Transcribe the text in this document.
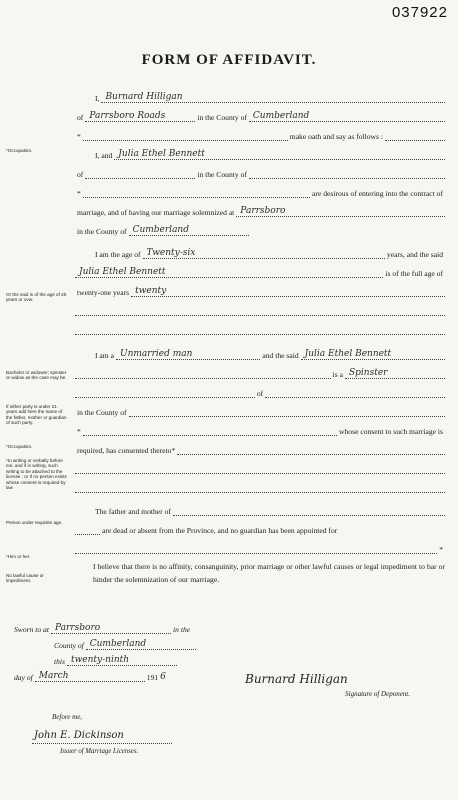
037922
FORM OF AFFIDAVIT.
*Occupation.
Or the said is of the age of 20 years or over.
Bachelor or widower; spinster or widow as the case may be.
If either party is under 21 years add here the name of the father, mother or guardian of such party.
*Occupation.
*In writing or verbally before me, and if in writing, such writing to be attached to the license ; or If no person exists whose consent is required by law
Person under requisite age.
*Him or her.
No lawful cause or impediment.
I, Burnard Hilligan
of Parrsboro Roads	in the County of Cumberland
*	make oath and say as follows :
I, and Julia Ethel Bennett
of	in the County of
*	are desirous of entering into the contract of
marriage, and of having our marriage solemnized at Parrsboro
in the County of Cumberland
I am the age of Twenty-six	years, and the said
Julia Ethel Bennett	is of the full age of
twenty-one years twenty
I am a Unmarried man	and the said Julia Ethel Bennett
is a Spinster
of
in the County of
*	whose consent to such marriage is
required, has consented thereto*
The father and mother of
are dead or absent from the Province, and no guardian has been appointed for
*
I believe that there is no affinity, consanguinity, prior marriage or other lawful causes or legal impediment to bar or hinder the solemnization of our marriage.
Sworn to at Parrsboro	in the
County of Cumberland
this twenty-ninth
day of March	191 6	Burnard Hilligan
Signature of Deponent.
Before me,
John E. Dickinson
Issuer of Marriage Licenses.
